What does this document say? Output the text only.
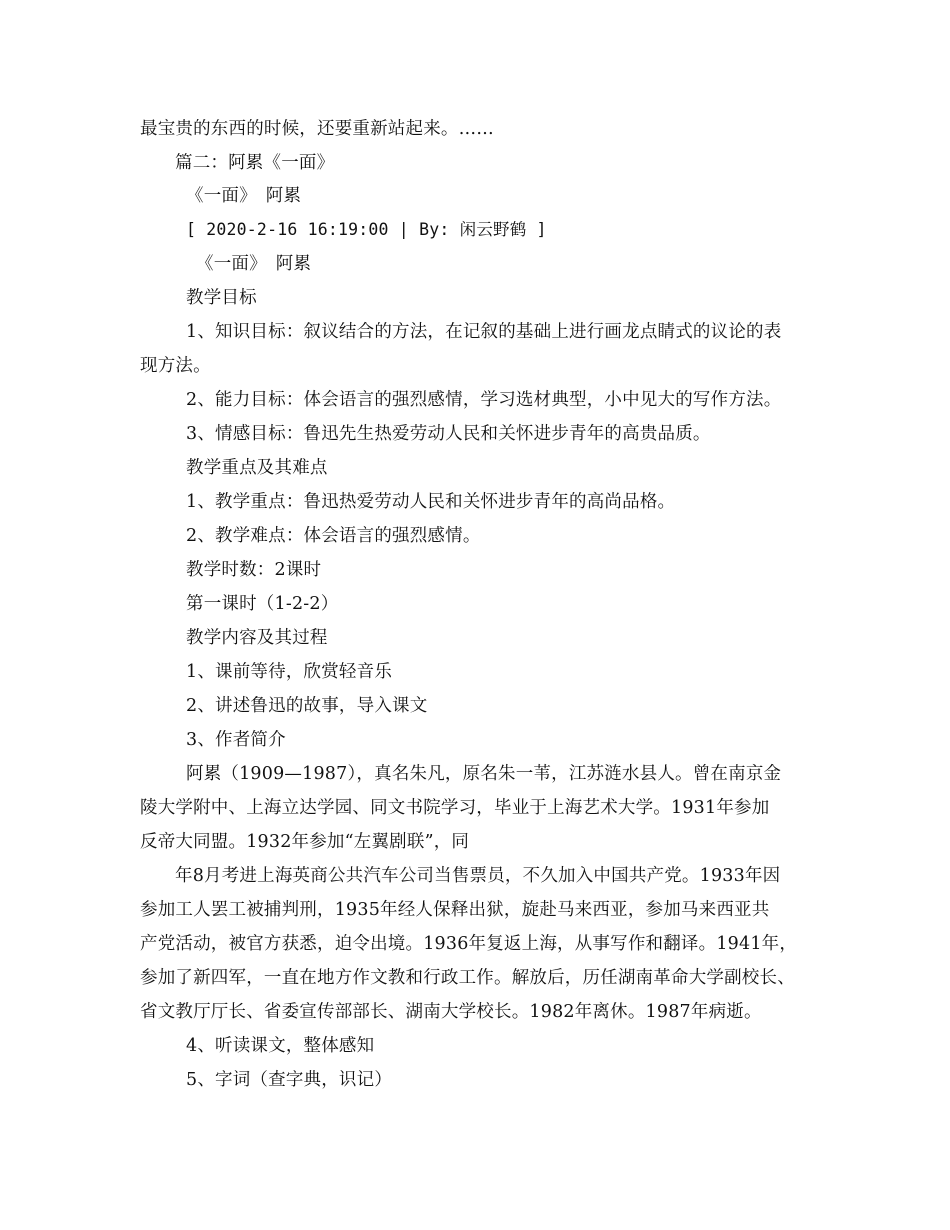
最宝贵的东西的时候，还要重新站起来。……
篇二：阿累《一面》
《一面》　阿累
[ 2020-2-16 16:19:00 | By: 闲云野鹤 ]
《一面》　阿累
教学目标
1、知识目标：叙议结合的方法，在记叙的基础上进行画龙点睛式的议论的表
现方法。
2、能力目标：体会语言的强烈感情，学习选材典型，小中见大的写作方法。
3、情感目标：鲁迅先生热爱劳动人民和关怀进步青年的高贵品质。
教学重点及其难点
1、教学重点：鲁迅热爱劳动人民和关怀进步青年的高尚品格。
2、教学难点：体会语言的强烈感情。
教学时数：2课时
第一课时（1-2-2）
教学内容及其过程
1、课前等待，欣赏轻音乐
2、讲述鲁迅的故事，导入课文
3、作者简介
阿累（1909—1987），真名朱凡，原名朱一苇，江苏涟水县人。曾在南京金
陵大学附中、上海立达学园、同文书院学习，毕业于上海艺术大学。1931年参加
反帝大同盟。1932年参加“左翼剧联”，同
年8月考进上海英商公共汽车公司当售票员，不久加入中国共产党。1933年因
参加工人罢工被捕判刑，1935年经人保释出狱，旋赴马来西亚，参加马来西亚共
产党活动，被官方获悉，迫令出境。1936年复返上海，从事写作和翻译。1941年，
参加了新四军，一直在地方作文教和行政工作。解放后，历任湖南革命大学副校长、
省文教厅厅长、省委宣传部部长、湖南大学校长。1982年离休。1987年病逝。
4、听读课文，整体感知
5、字词（查字典，识记）
